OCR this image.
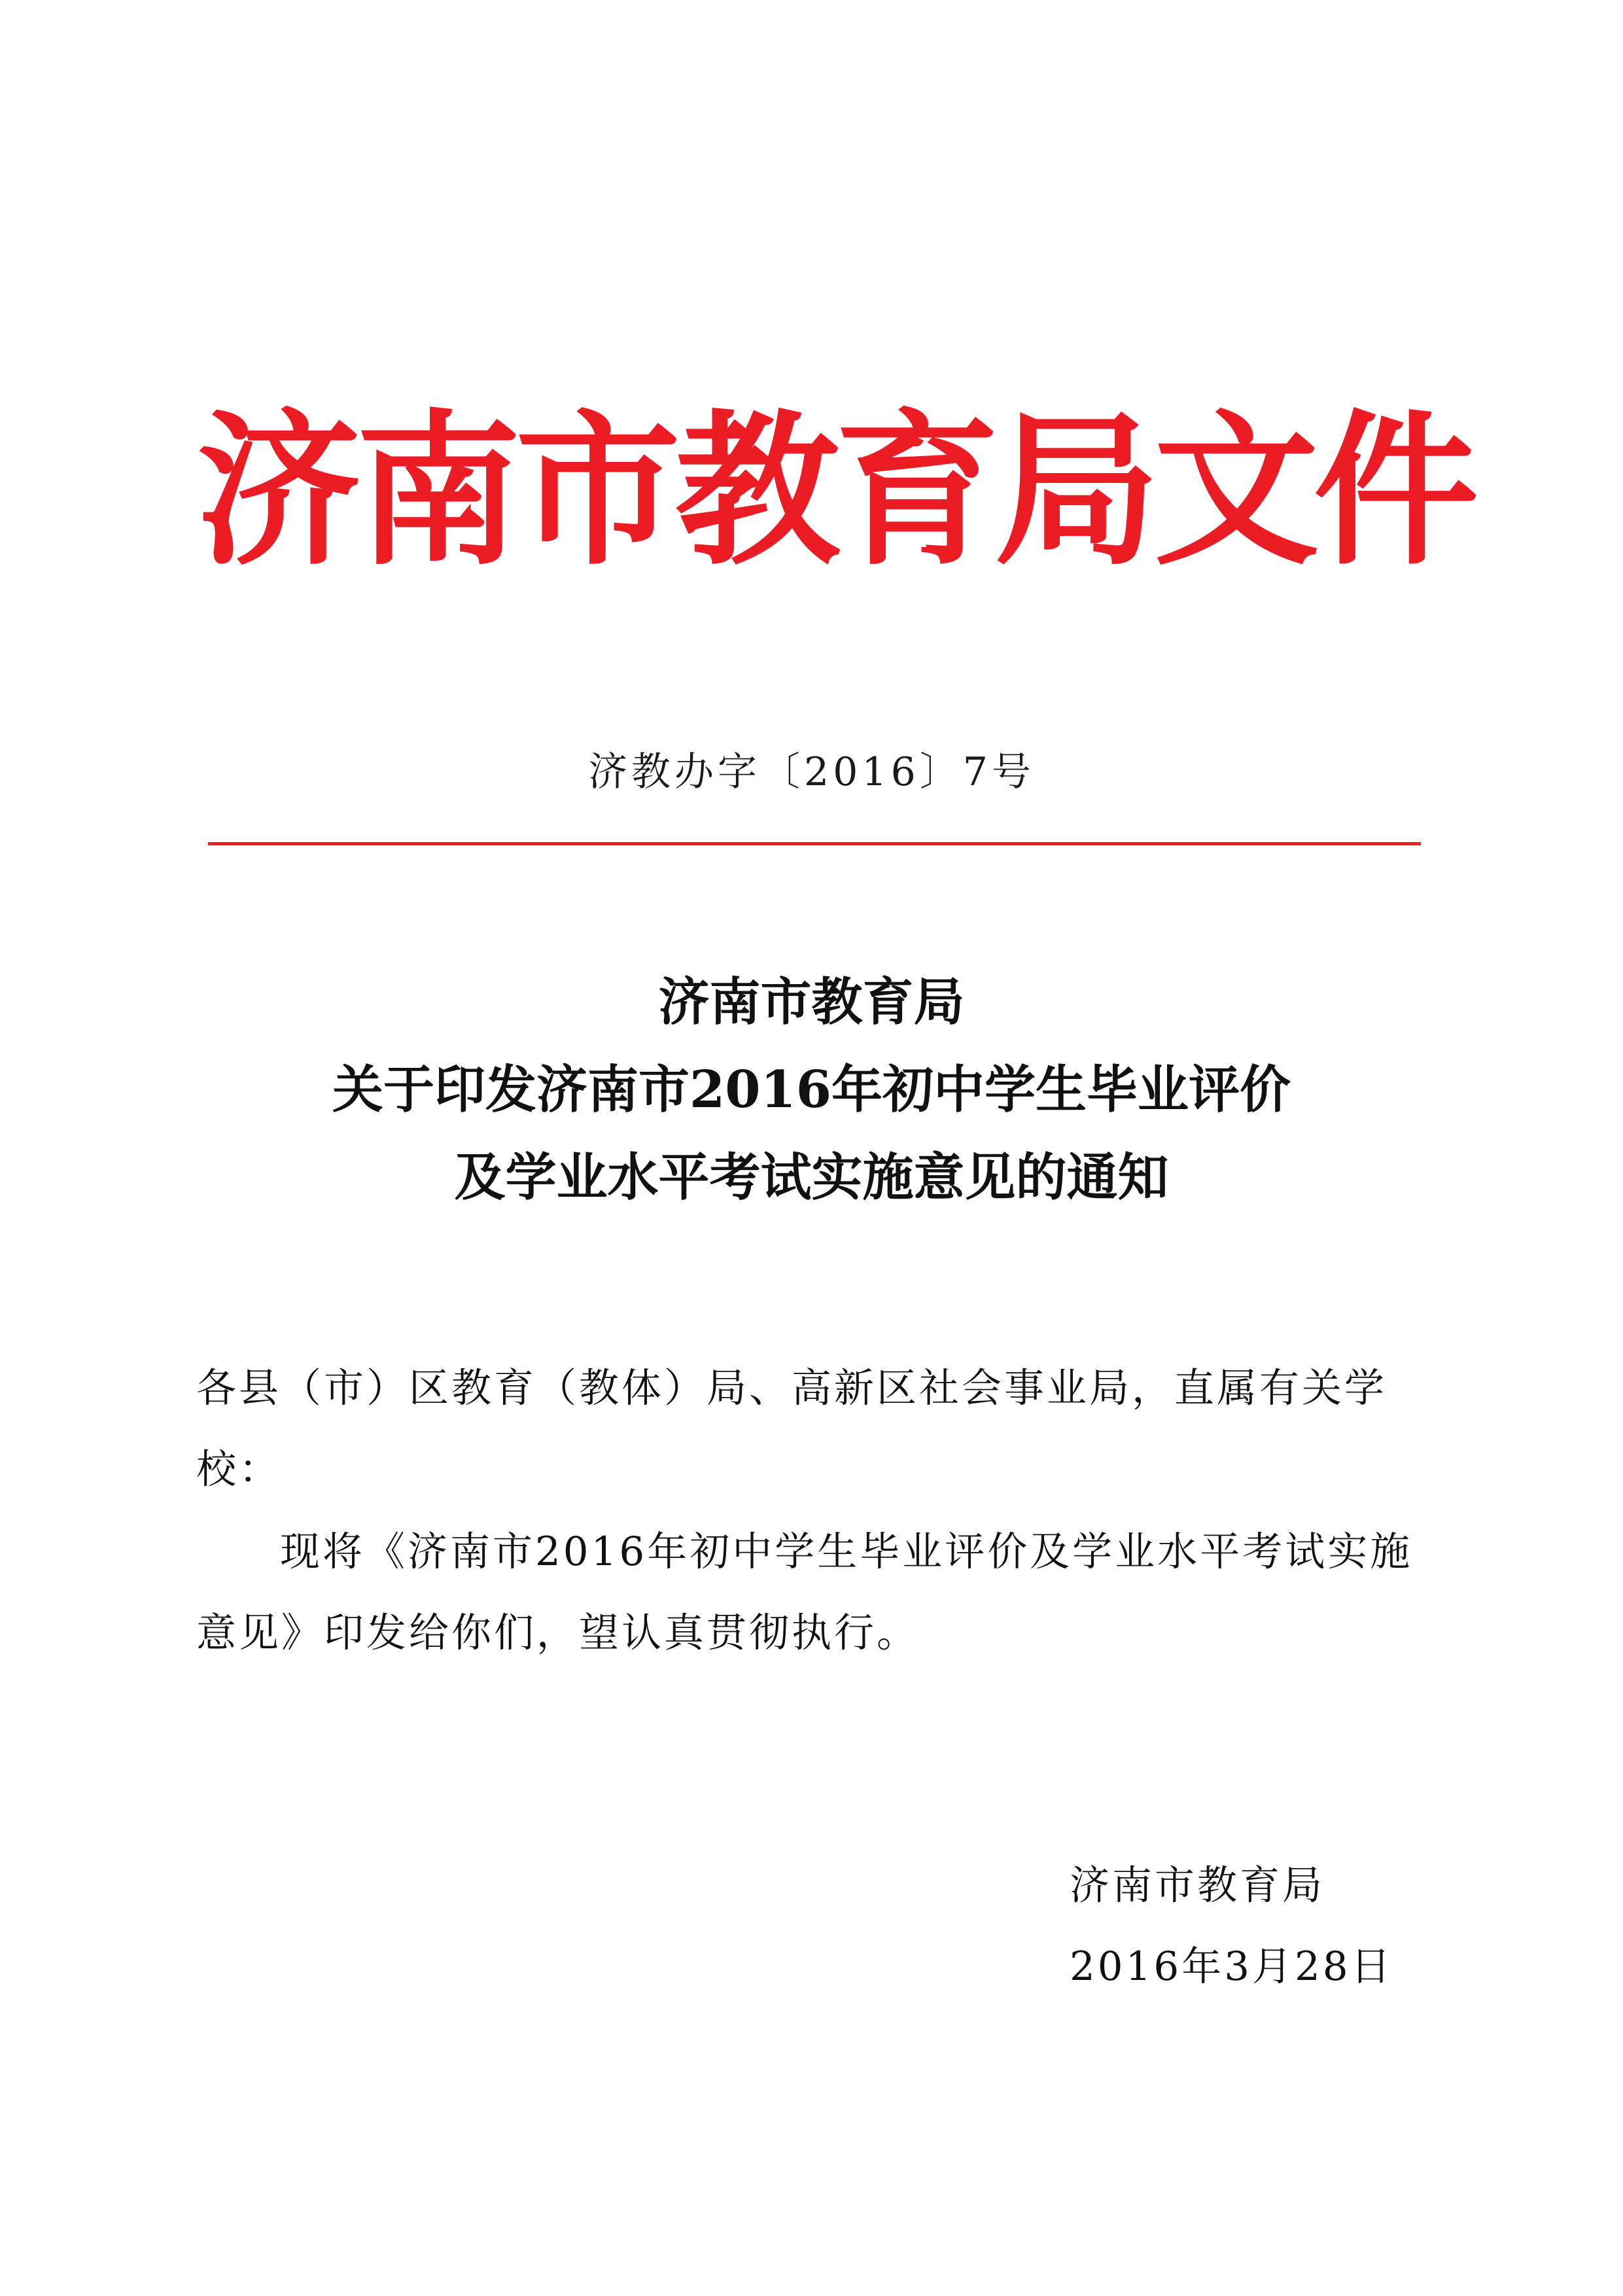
济南市教育局文件
济教办字〔2016〕7号
济南市教育局
关于印发济南市2016年初中学生毕业评价
及学业水平考试实施意见的通知
各县（市）区教育（教体）局、高新区社会事业局，直属有关学校：
现将《济南市2016年初中学生毕业评价及学业水平考试实施意见》印发给你们，望认真贯彻执行。
济南市教育局
2016年3月28日
